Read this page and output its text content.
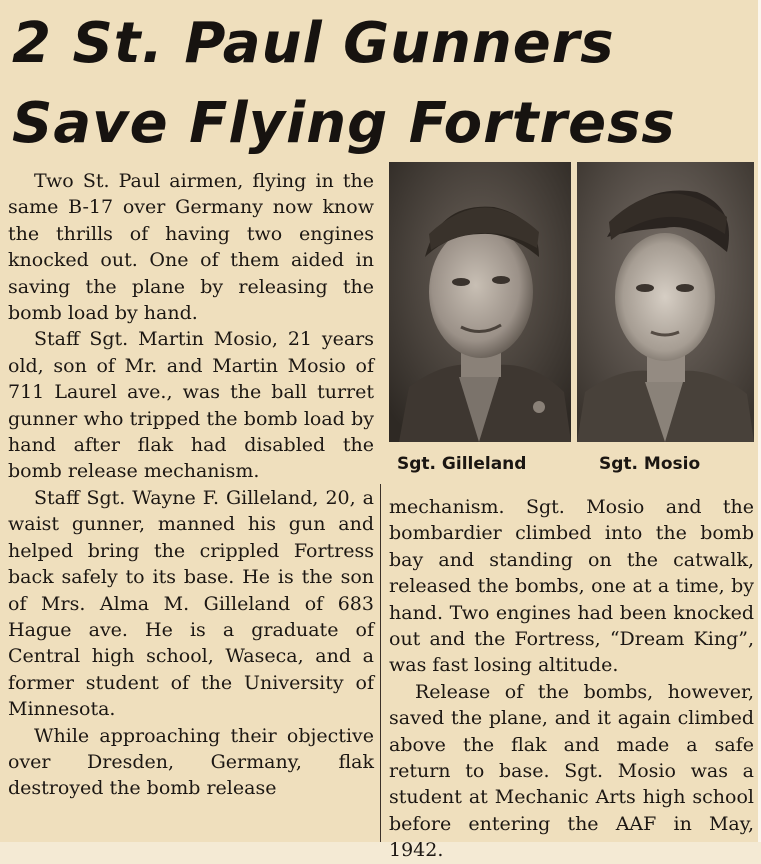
2 St. Paul Gunners
Save Flying Fortress

Two St. Paul airmen, flying in the same B-17 over Germany now know the thrills of having two engines knocked out. One of them aided in saving the plane by releasing the bomb load by hand.

Staff Sgt. Martin Mosio, 21 years old, son of Mr. and Martin Mosio of 711 Laurel ave., was the ball turret gunner who tripped the bomb load by hand after flak had disabled the bomb release mechanism.

Staff Sgt. Wayne F. Gilleland, 20, a waist gunner, manned his gun and helped bring the crippled Fortress back safely to its base. He is the son of Mrs. Alma M. Gilleland of 683 Hague ave. He is a graduate of Central high school, Waseca, and a former student of the University of Minnesota.

While approaching their objective over Dresden, Germany, flak destroyed the bomb release

Sgt. Gilleland	Sgt. Mosio

mechanism. Sgt. Mosio and the bombardier climbed into the bomb bay and standing on the catwalk, released the bombs, one at a time, by hand. Two engines had been knocked out and the Fortress, “Dream King”, was fast losing altitude.

Release of the bombs, however, saved the plane, and it again climbed above the flak and made a safe return to base. Sgt. Mosio was a student at Mechanic Arts high school before entering the AAF in May, 1942.
